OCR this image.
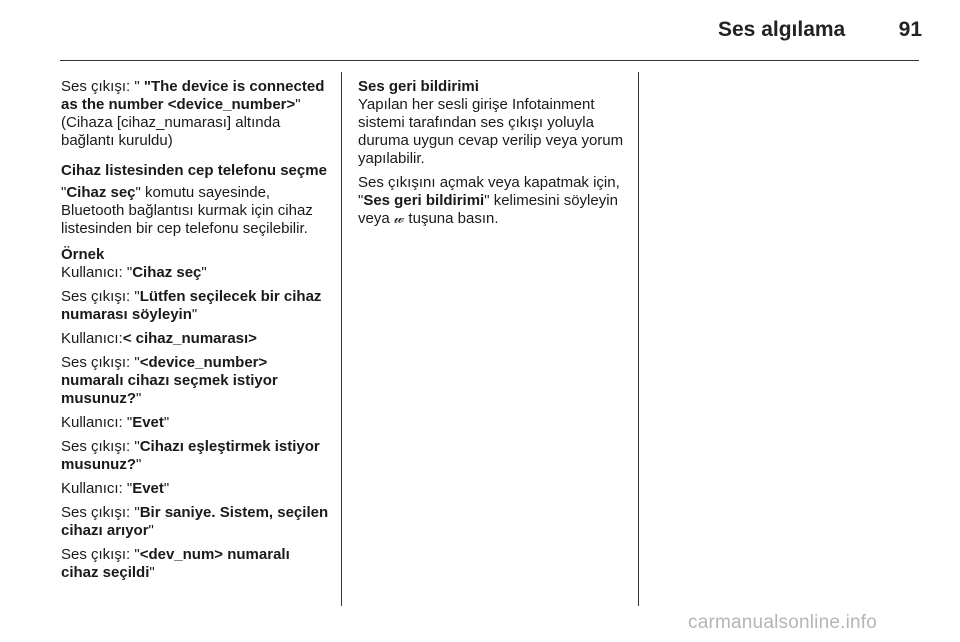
Ses algılama	91

Ses çıkışı: " "The device is connected as the number <device_number>" (Cihaza [cihaz_numarası] altında bağlantı kuruldu)

Cihaz listesinden cep telefonu seçme

"Cihaz seç" komutu sayesinde, Bluetooth bağlantısı kurmak için cihaz listesinden bir cep telefonu seçilebilir.

Örnek

Kullanıcı: "Cihaz seç"

Ses çıkışı: "Lütfen seçilecek bir cihaz numarası söyleyin"

Kullanıcı:< cihaz_numarası>

Ses çıkışı: "<device_number> numaralı cihazı seçmek istiyor musunuz?"

Kullanıcı: "Evet"

Ses çıkışı: "Cihazı eşleştirmek istiyor musunuz?"

Kullanıcı: "Evet"

Ses çıkışı: "Bir saniye. Sistem, seçilen cihazı arıyor"

Ses çıkışı: "<dev_num> numaralı cihaz seçildi"

Ses geri bildirimi

Yapılan her sesli girişe Infotainment sistemi tarafından ses çıkışı yoluyla duruma uygun cevap verilip veya yorum yapılabilir.

Ses çıkışını açmak veya kapatmak için, "Ses geri bildirimi" kelimesini söyleyin veya 𝓌 tuşuna basın.

carmanualsonline.info
